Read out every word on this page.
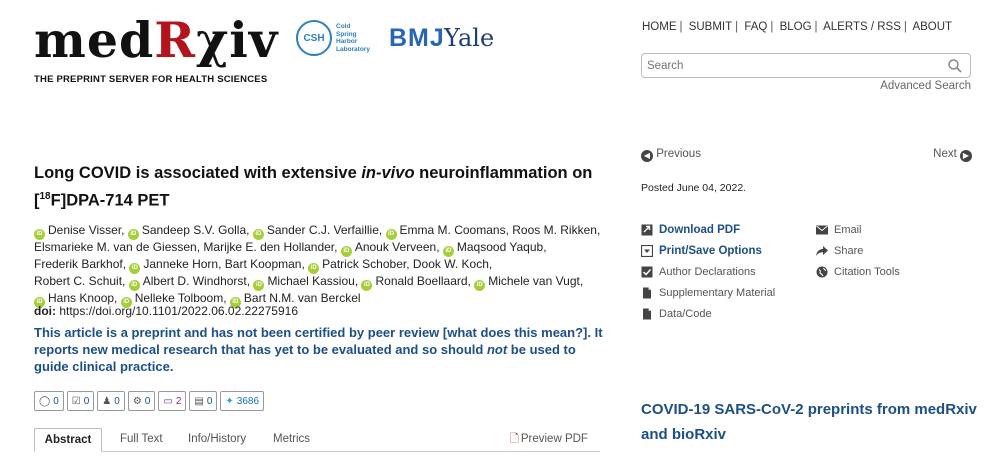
medRχiv
THE PREPRINT SERVER FOR HEALTH SCIENCES
CSH
Cold
Spring
Harbor
Laboratory BMJ Yale	HOME | SUBMIT | FAQ | BLOG | ALERTS / RSS | ABOUT
Search
Advanced Search
Long COVID is associated with extensive in-vivo neuroinflammation on
[$^{18}$F]DPA-714 PET
iD Denise Visser, iD Sandeep S.V. Golla, iD Sander C.J. Verfaillie, iD Emma M. Coomans, Roos M. Rikken,
Elsmarieke M. van de Giessen, Marijke E. den Hollander, iD Anouk Verveen, iD Maqsood Yaqub,
Frederik Barkhof, iD Janneke Horn, Bart Koopman, iD Patrick Schober, Dook W. Koch,
Robert C. Schuit, iD Albert D. Windhorst, iD Michael Kassiou, iD Ronald Boellaard, iD Michele van Vugt,
iD Hans Knoop, iD Nelleke Tolboom, iD Bart N.M. van Berckel
doi: https://doi.org/10.1101/2022.06.02.22275916
This article is a preprint and has not been certified by peer review [what does this mean?]. It reports new medical research that has yet to be evaluated and so should not be used to guide clinical practice.
◯ 0 ☑ 0 ♟ 0 ⚙ 0 ▭ 2 ▤ 0 ✦ 3686
Abstract	Full Text Info/History Metrics	🗋 Preview PDF
◀ Previous	Next ▶
Posted June 04, 2022.
Download PDF
Print/Save Options
Author Declarations
Supplementary Material
Data/Code
Email
Share
Citation Tools
COVID-19 SARS-CoV-2 preprints from medRxiv and bioRxiv
